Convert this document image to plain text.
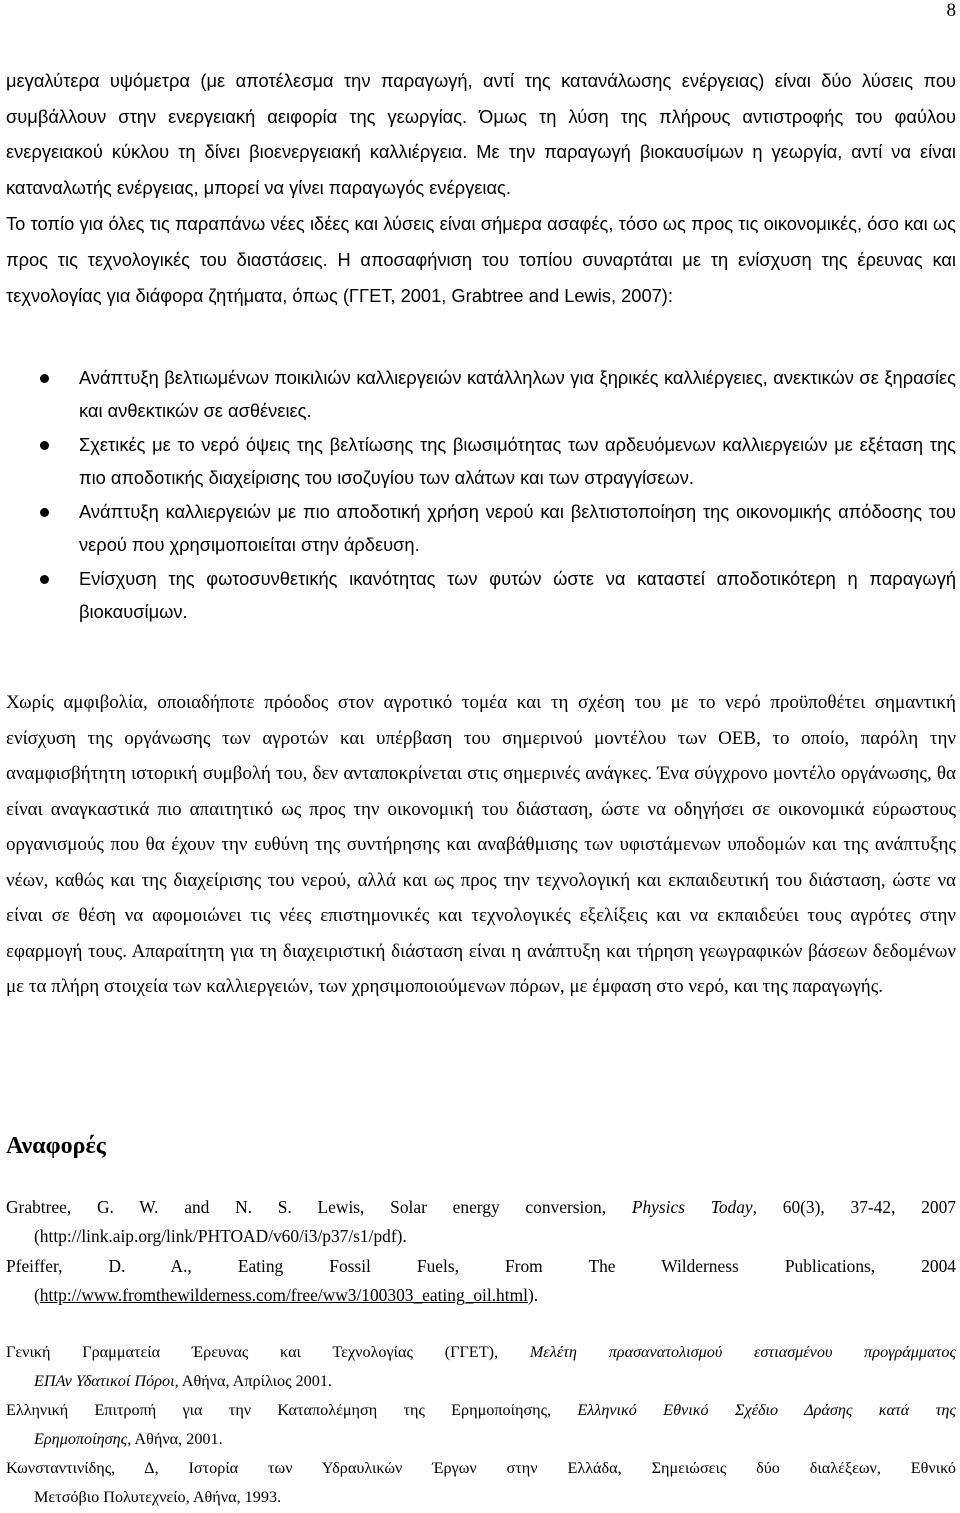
8
μεγαλύτερα υψόμετρα (με αποτέλεσμα την παραγωγή, αντί της κατανάλωσης ενέργειας) είναι δύο λύσεις που συμβάλλουν στην ενεργειακή αειφορία της γεωργίας. Όμως τη λύση της πλήρους αντιστροφής του φαύλου ενεργειακού κύκλου τη δίνει βιοενεργειακή καλλιέργεια. Με την παραγωγή βιοκαυσίμων η γεωργία, αντί να είναι καταναλωτής ενέργειας, μπορεί να γίνει παραγωγός ενέργειας.
Το τοπίο για όλες τις παραπάνω νέες ιδέες και λύσεις είναι σήμερα ασαφές, τόσο ως προς τις οικονομικές, όσο και ως προς τις τεχνολογικές του διαστάσεις. Η αποσαφήνιση του τοπίου συναρτάται με τη ενίσχυση της έρευνας και τεχνολογίας για διάφορα ζητήματα, όπως (ΓΓΕΤ, 2001, Grabtree and Lewis, 2007):
Ανάπτυξη βελτιωμένων ποικιλιών καλλιεργειών κατάλληλων για ξηρικές καλλιέργειες, ανεκτικών σε ξηρασίες και ανθεκτικών σε ασθένειες.
Σχετικές με το νερό όψεις της βελτίωσης της βιωσιμότητας των αρδευόμενων καλλιεργειών με εξέταση της πιο αποδοτικής διαχείρισης του ισοζυγίου των αλάτων και των στραγγίσεων.
Ανάπτυξη καλλιεργειών με πιο αποδοτική χρήση νερού και βελτιστοποίηση της οικονομικής απόδοσης του νερού που χρησιμοποιείται στην άρδευση.
Ενίσχυση της φωτοσυνθετικής ικανότητας των φυτών ώστε να καταστεί αποδοτικότερη η παραγωγή βιοκαυσίμων.
Χωρίς αμφιβολία, οποιαδήποτε πρόοδος στον αγροτικό τομέα και τη σχέση του με το νερό προϋποθέτει σημαντική ενίσχυση της οργάνωσης των αγροτών και υπέρβαση του σημερινού μοντέλου των ΟΕΒ, το οποίο, παρόλη την αναμφισβήτητη ιστορική συμβολή του, δεν ανταποκρίνεται στις σημερινές ανάγκες. Ένα σύγχρονο μοντέλο οργάνωσης, θα είναι αναγκαστικά πιο απαιτητικό ως προς την οικονομική του διάσταση, ώστε να οδηγήσει σε οικονομικά εύρωστους οργανισμούς που θα έχουν την ευθύνη της συντήρησης και αναβάθμισης των υφιστάμενων υποδομών και της ανάπτυξης νέων, καθώς και της διαχείρισης του νερού, αλλά και ως προς την τεχνολογική και εκπαιδευτική του διάσταση, ώστε να είναι σε θέση να αφομοιώνει τις νέες επιστημονικές και τεχνολογικές εξελίξεις και να εκπαιδεύει τους αγρότες στην εφαρμογή τους. Απαραίτητη για τη διαχειριστική διάσταση είναι η ανάπτυξη και τήρηση γεωγραφικών βάσεων δεδομένων με τα πλήρη στοιχεία των καλλιεργειών, των χρησιμοποιούμενων πόρων, με έμφαση στο νερό, και της παραγωγής.
Αναφορές
Grabtree, G. W. and N. S. Lewis, Solar energy conversion, Physics Today, 60(3), 37-42, 2007
(http://link.aip.org/link/PHTOAD/v60/i3/p37/s1/pdf).
Pfeiffer, D. A., Eating Fossil Fuels, From The Wilderness Publications, 2004
(http://www.fromthewilderness.com/free/ww3/100303_eating_oil.html).
Γενική Γραμματεία Έρευνας και Τεχνολογίας (ΓΓΕΤ), Μελέτη πρασανατολισμού εστιασμένου προγράμματος
ΕΠΑν Υδατικοί Πόροι, Αθήνα, Απρίλιος 2001.
Ελληνική Επιτροπή για την Καταπολέμηση της Ερημοποίησης, Ελληνικό Εθνικό Σχέδιο Δράσης κατά της
Ερημοποίησης, Αθήνα, 2001.
Κωνσταντινίδης, Δ, Ιστορία των Υδραυλικών Έργων στην Ελλάδα, Σημειώσεις δύο διαλέξεων, Εθνικό
Μετσόβιο Πολυτεχνείο, Αθήνα, 1993.
